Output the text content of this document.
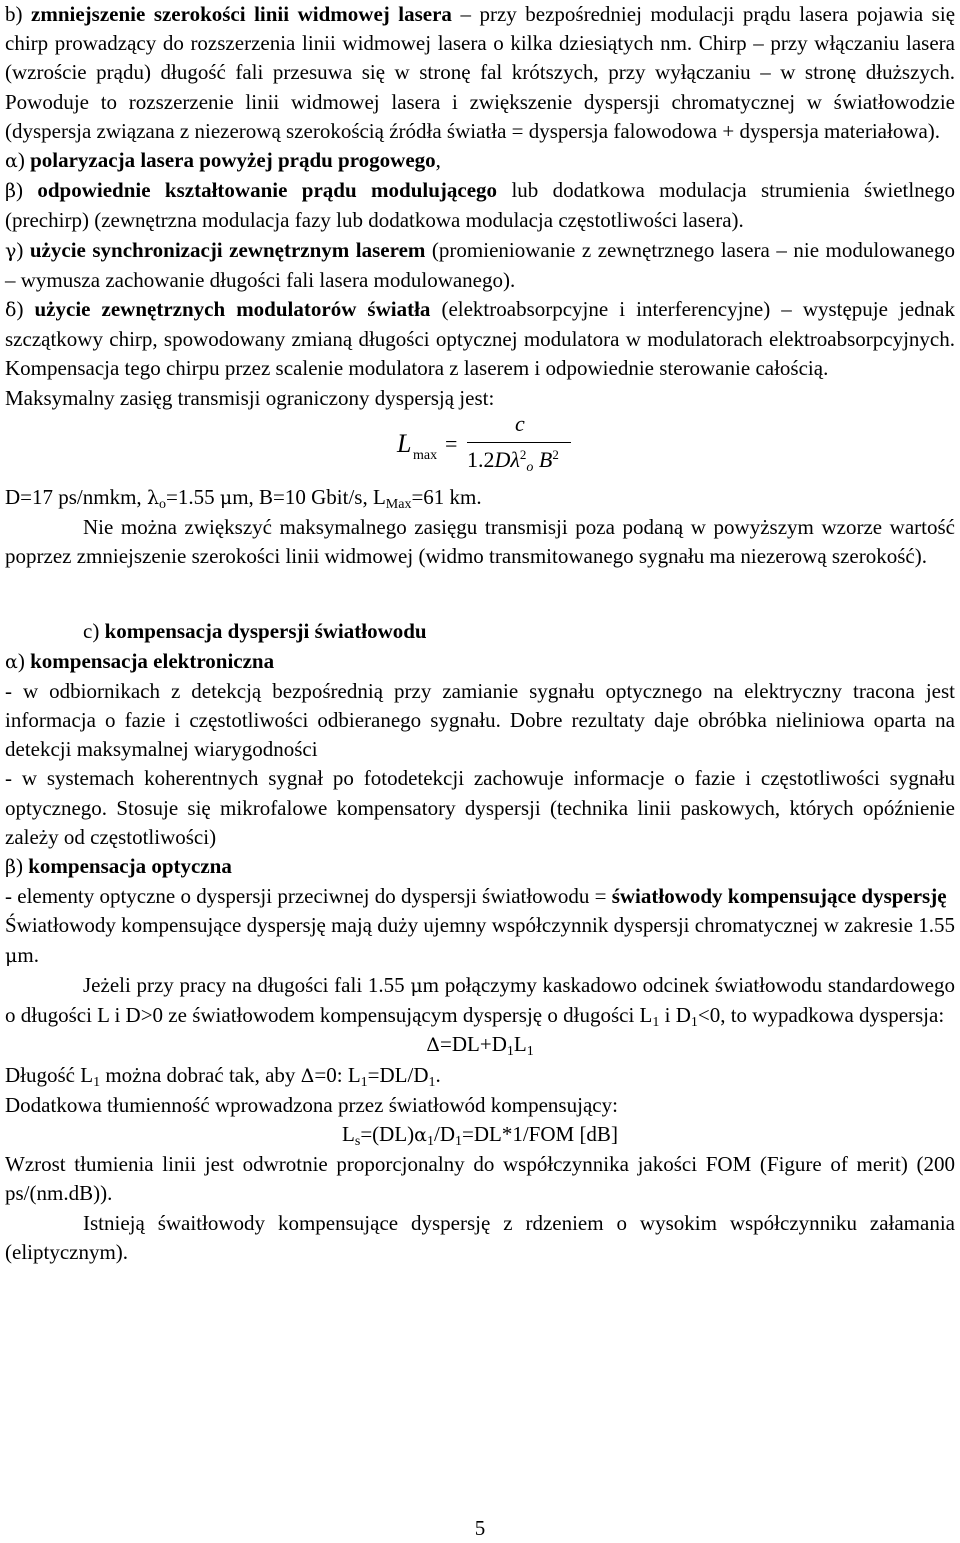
b) zmniejszenie szerokości linii widmowej lasera – przy bezpośredniej modulacji prądu lasera pojawia się chirp prowadzący do rozszerzenia linii widmowej lasera o kilka dziesiątych nm. Chirp – przy włączaniu lasera (wzroście prądu) długość fali przesuwa się w stronę fal krótszych, przy wyłączaniu – w stronę dłuższych. Powoduje to rozszerzenie linii widmowej lasera i zwiększenie dyspersji chromatycznej w światłowodzie (dyspersja związana z niezerową szerokością źródła światła = dyspersja falowodowa + dyspersja materiałowa).

α) polaryzacja lasera powyżej prądu progowego,

β) odpowiednie kształtowanie prądu modulującego lub dodatkowa modulacja strumienia świetlnego (prechirp) (zewnętrzna modulacja fazy lub dodatkowa modulacja częstotliwości lasera).

γ) użycie synchronizacji zewnętrznym laserem (promieniowanie z zewnętrznego lasera – nie modulowanego – wymusza zachowanie długości fali lasera modulowanego).

δ) użycie zewnętrznych modulatorów światła (elektroabsorpcyjne i interferencyjne) – występuje jednak szczątkowy chirp, spowodowany zmianą długości optycznej modulatora w modulatorach elektroabsorpcyjnych. Kompensacja tego chirpu przez scalenie modulatora z laserem i odpowiednie sterowanie całością.

Maksymalny zasięg transmisji ograniczony dyspersją jest:

L max =
c
$1.2D\lambda^2_o$ $B^2$

D=17 ps/nmkm, $\lambda_o=1.55$ μm, B=10 Gbit/s, $L_{Max}=61$ km.

Nie można zwiększyć maksymalnego zasięgu transmisji poza podaną w powyższym wzorze wartość poprzez zmniejszenie szerokości linii widmowej (widmo transmitowanego sygnału ma niezerową szerokość).

c) kompensacja dyspersji światłowodu

α) kompensacja elektroniczna

- w odbiornikach z detekcją bezpośrednią przy zamianie sygnału optycznego na elektryczny tracona jest informacja o fazie i częstotliwości odbieranego sygnału. Dobre rezultaty daje obróbka nieliniowa oparta na detekcji maksymalnej wiarygodności

- w systemach koherentnych sygnał po fotodetekcji zachowuje informacje o fazie i częstotliwości sygnału optycznego. Stosuje się mikrofalowe kompensatory dyspersji (technika linii paskowych, których opóźnienie zależy od częstotliwości)

β) kompensacja optyczna

- elementy optyczne o dyspersji przeciwnej do dyspersji światłowodu = światłowody kompensujące dyspersję

Światłowody kompensujące dyspersję mają duży ujemny współczynnik dyspersji chromatycznej w zakresie 1.55 μm.

Jeżeli przy pracy na długości fali 1.55 μm połączymy kaskadowo odcinek światłowodu standardowego o długości L i D>0 ze światłowodem kompensującym dyspersję o długości $L_1$ i $D_1<0$, to wypadkowa dyspersja:

$\Delta=DL+D_1L_1$

Długość $L_1$ można dobrać tak, aby Δ=0: $L_1=DL/D_1$.

Dodatkowa tłumienność wprowadzona przez światłowód kompensujący:

$L_s=(DL)\alpha_1/D_1=DL*1$/FOM [dB]

Wzrost tłumienia linii jest odwrotnie proporcjonalny do współczynnika jakości FOM (Figure of merit) (200 ps/(nm.dB)).

Istnieją śwaitłowody kompensujące dyspersję z rdzeniem o wysokim współczynniku załamania (eliptycznym).

5
